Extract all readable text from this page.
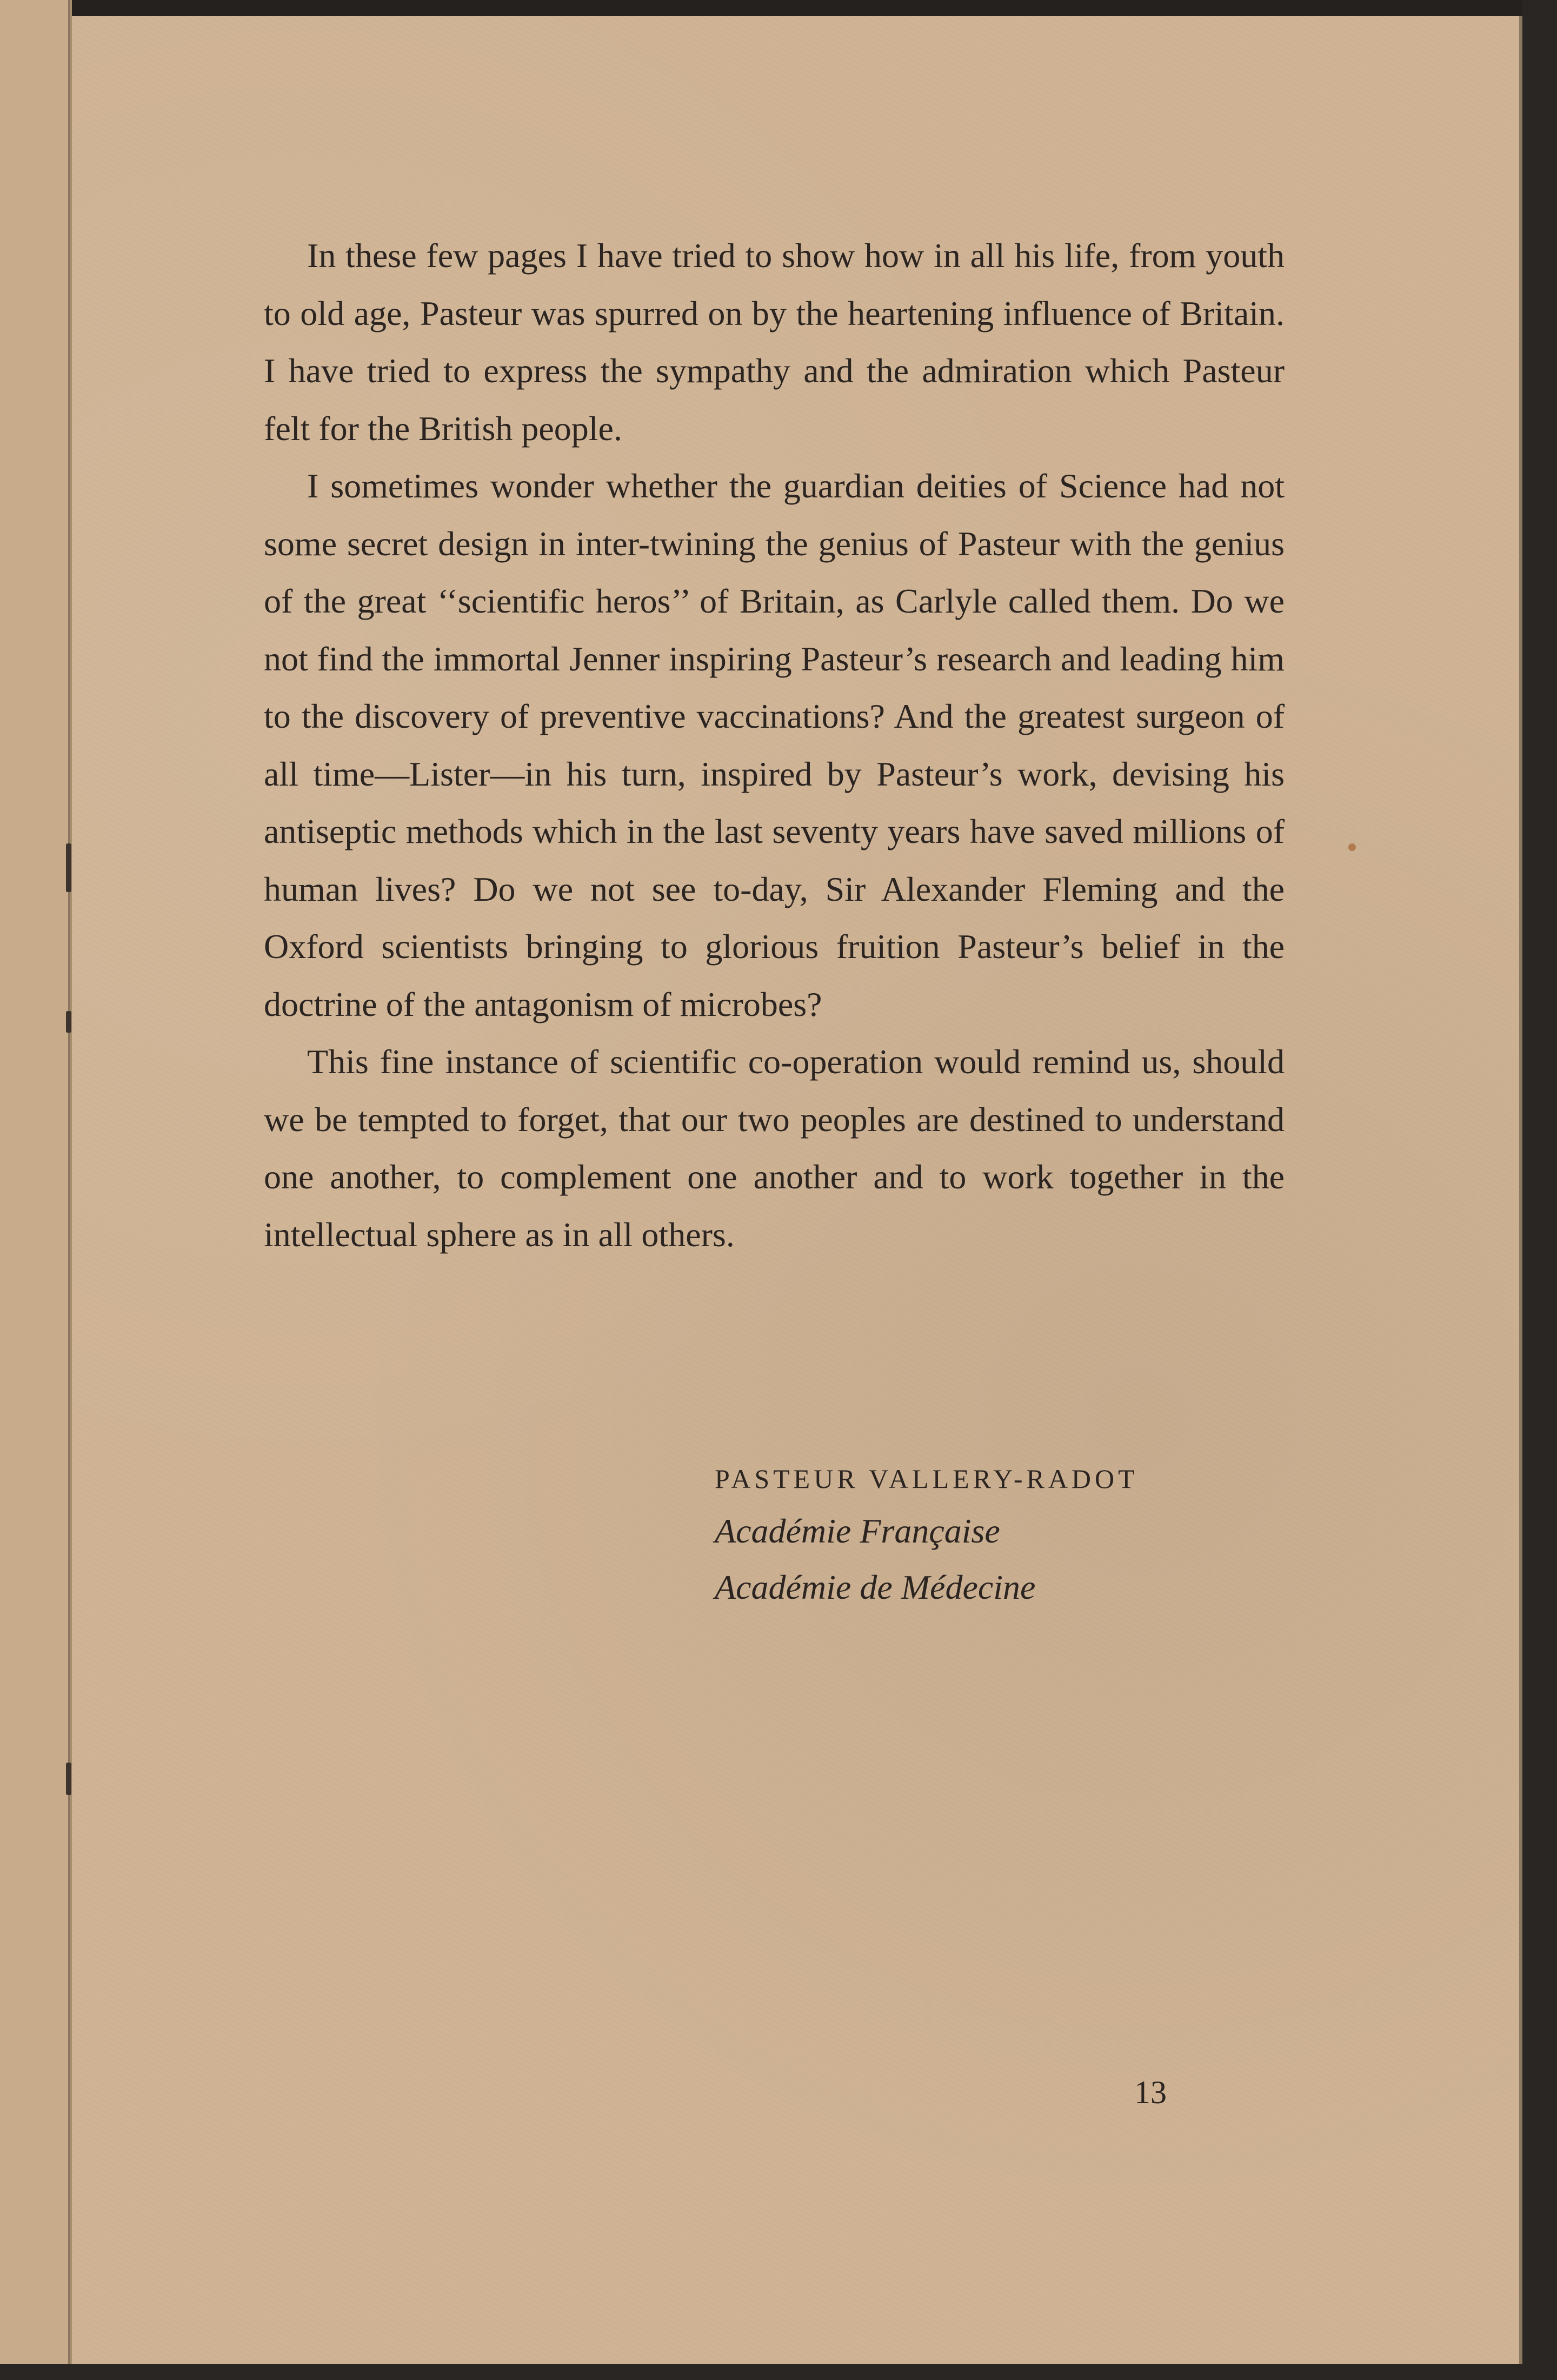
In these few pages I have tried to show how in all his life, from youth to old age, Pasteur was spurred on by the heartening influence of Britain. I have tried to express the sympathy and the admiration which Pasteur felt for the British people.

I sometimes wonder whether the guardian deities of Science had not some secret design in inter-twining the genius of Pasteur with the genius of the great ‘‘scientific heros’’ of Britain, as Carlyle called them. Do we not find the immortal Jenner inspiring Pasteur’s research and leading him to the discovery of preventive vaccinations? And the greatest surgeon of all time—Lister—in his turn, inspired by Pasteur’s work, devising his antiseptic methods which in the last seventy years have saved millions of human lives? Do we not see to-day, Sir Alexander Fleming and the Oxford scientists bringing to glorious fruition Pasteur’s belief in the doctrine of the antagonism of microbes?

This fine instance of scientific co-operation would remind us, should we be tempted to forget, that our two peoples are destined to understand one another, to complement one another and to work together in the intellectual sphere as in all others.

PASTEUR VALLERY-RADOT
Académie Française
Académie de Médecine
13
